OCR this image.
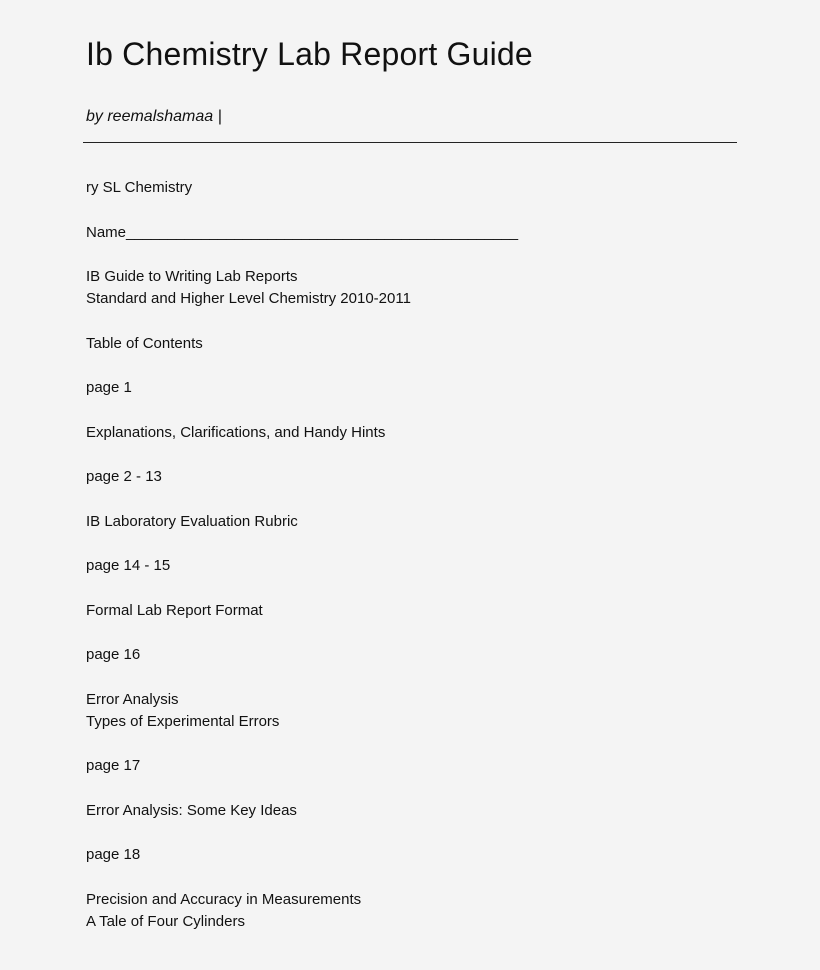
Ib Chemistry Lab Report Guide
by reemalshamaa |
ry SL Chemistry
Name_______________________________________________
IB Guide to Writing Lab Reports
Standard and Higher Level Chemistry 2010-2011
Table of Contents
page 1
Explanations, Clarifications, and Handy Hints
page 2 - 13
IB Laboratory Evaluation Rubric
page 14 - 15
Formal Lab Report Format
page 16
Error Analysis
Types of Experimental Errors
page 17
Error Analysis: Some Key Ideas
page 18
Precision and Accuracy in Measurements
A Tale of Four Cylinders
